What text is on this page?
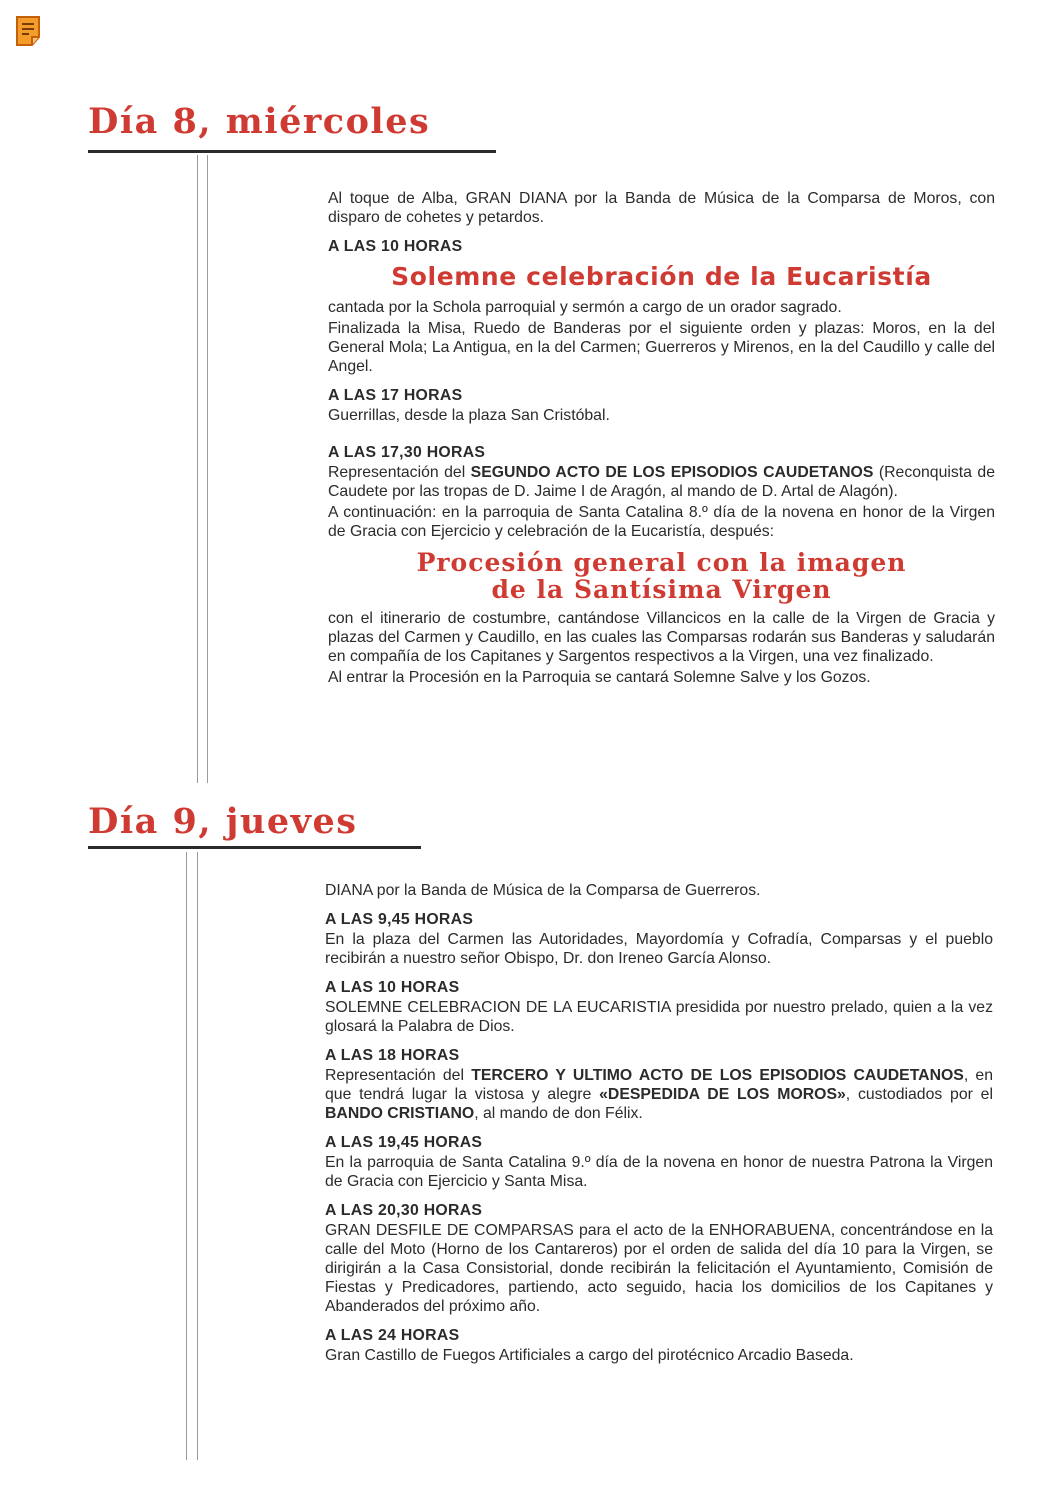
Día 8, miércoles

Al toque de Alba, GRAN DIANA por la Banda de Música de la Comparsa de Moros, con disparo de cohetes y petardos.

A LAS 10 HORAS

Solemne celebración de la Eucaristía

cantada por la Schola parroquial y sermón a cargo de un orador sagrado.

Finalizada la Misa, Ruedo de Banderas por el siguiente orden y plazas: Moros, en la del General Mola; La Antigua, en la del Carmen; Guerreros y Mirenos, en la del Caudillo y calle del Angel.

A LAS 17 HORAS

Guerrillas, desde la plaza San Cristóbal.

A LAS 17,30 HORAS

Representación del SEGUNDO ACTO DE LOS EPISODIOS CAUDETANOS (Reconquista de Caudete por las tropas de D. Jaime I de Aragón, al mando de D. Artal de Alagón).

A continuación: en la parroquia de Santa Catalina 8.º día de la novena en honor de la Virgen de Gracia con Ejercicio y celebración de la Eucaristía, después:

Procesión general con la imagen
de la Santísima Virgen

con el itinerario de costumbre, cantándose Villancicos en la calle de la Virgen de Gracia y plazas del Carmen y Caudillo, en las cuales las Comparsas rodarán sus Banderas y saludarán en compañía de los Capitanes y Sargentos respectivos a la Virgen, una vez finalizado.

Al entrar la Procesión en la Parroquia se cantará Solemne Salve y los Gozos.

Día 9, jueves

DIANA por la Banda de Música de la Comparsa de Guerreros.

A LAS 9,45 HORAS

En la plaza del Carmen las Autoridades, Mayordomía y Cofradía, Comparsas y el pueblo recibirán a nuestro señor Obispo, Dr. don Ireneo García Alonso.

A LAS 10 HORAS

SOLEMNE CELEBRACION DE LA EUCARISTIA presidida por nuestro prelado, quien a la vez glosará la Palabra de Dios.

A LAS 18 HORAS

Representación del TERCERO Y ULTIMO ACTO DE LOS EPISODIOS CAUDETANOS, en que tendrá lugar la vistosa y alegre «DESPEDIDA DE LOS MOROS», custodiados por el BANDO CRISTIANO, al mando de don Félix.

A LAS 19,45 HORAS

En la parroquia de Santa Catalina 9.º día de la novena en honor de nuestra Patrona la Virgen de Gracia con Ejercicio y Santa Misa.

A LAS 20,30 HORAS

GRAN DESFILE DE COMPARSAS para el acto de la ENHORABUENA, concentrándose en la calle del Moto (Horno de los Cantareros) por el orden de salida del día 10 para la Virgen, se dirigirán a la Casa Consistorial, donde recibirán la felicitación el Ayuntamiento, Comisión de Fiestas y Predicadores, partiendo, acto seguido, hacia los domicilios de los Capitanes y Abanderados del próximo año.

A LAS 24 HORAS

Gran Castillo de Fuegos Artificiales a cargo del pirotécnico Arcadio Baseda.
